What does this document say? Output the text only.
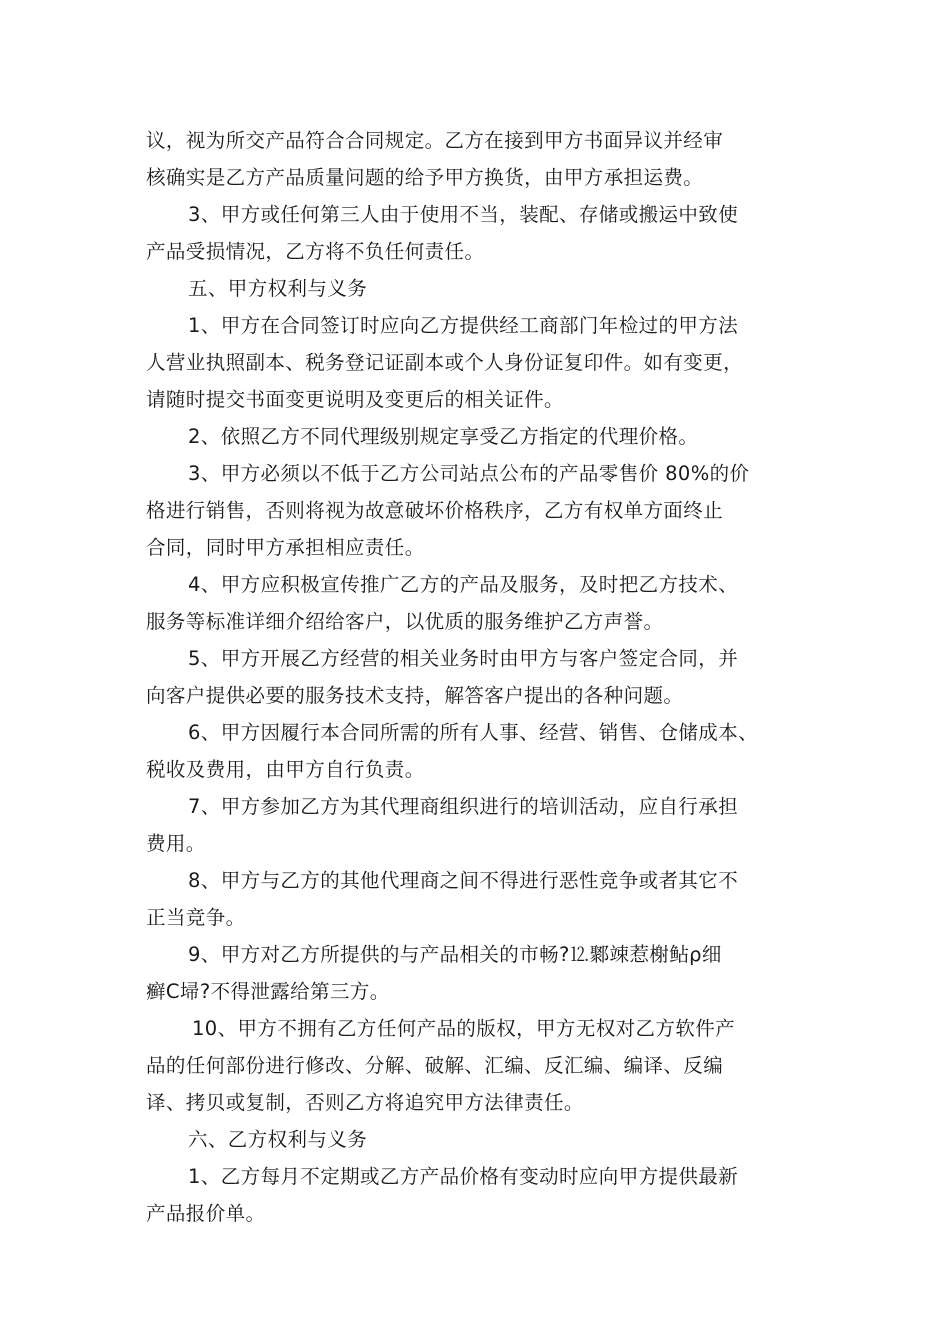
议，视为所交产品符合合同规定。乙方在接到甲方书面异议并经审
核确实是乙方产品质量问题的给予甲方换货，由甲方承担运费。
3、甲方或任何第三人由于使用不当，装配、存储或搬运中致使
产品受损情况，乙方将不负任何责任。
五、甲方权利与义务
1、甲方在合同签订时应向乙方提供经工商部门年检过的甲方法
人营业执照副本、税务登记证副本或个人身份证复印件。如有变更，
请随时提交书面变更说明及变更后的相关证件。
2、依照乙方不同代理级别规定享受乙方指定的代理价格。
3、甲方必须以不低于乙方公司站点公布的产品零售价 80%的价
格进行销售，否则将视为故意破坏价格秩序，乙方有权单方面终止
合同，同时甲方承担相应责任。
4、甲方应积极宣传推广乙方的产品及服务，及时把乙方技术、
服务等标准详细介绍给客户，以优质的服务维护乙方声誉。
5、甲方开展乙方经营的相关业务时由甲方与客户签定合同，并
向客户提供必要的服务技术支持，解答客户提出的各种问题。
6、甲方因履行本合同所需的所有人事、经营、销售、仓储成本、
税收及费用，由甲方自行负责。
7、甲方参加乙方为其代理商组织进行的培训活动，应自行承担
费用。
8、甲方与乙方的其他代理商之间不得进行恶性竞争或者其它不
正当竞争。
9、甲方对乙方所提供的与产品相关的市畅?⒓鄹竦惹榭鲇ρ细
癣C埽?不得泄露给第三方。
10、甲方不拥有乙方任何产品的版权，甲方无权对乙方软件产
品的任何部份进行修改、分解、破解、汇编、反汇编、编译、反编
译、拷贝或复制，否则乙方将追究甲方法律责任。
六、乙方权利与义务
1、乙方每月不定期或乙方产品价格有变动时应向甲方提供最新
产品报价单。
